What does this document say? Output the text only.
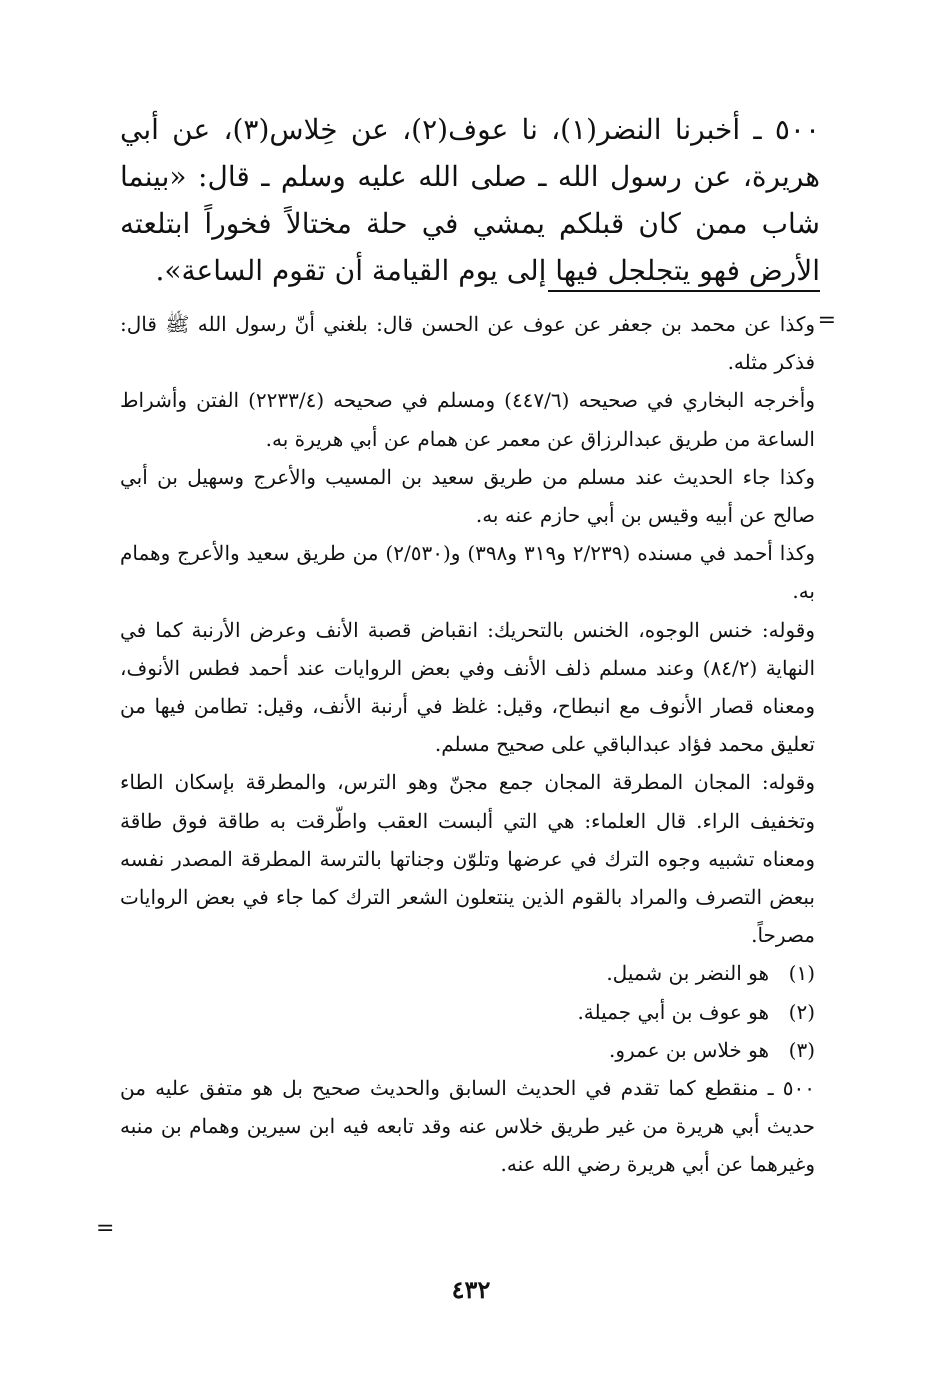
٥٠٠ ـ أخبرنا النضر(١)، نا عوف(٢)، عن خِلاس(٣)، عن أبي هريرة، عن رسول الله ـ صلى الله عليه وسلم ـ قال: «بينما شاب ممن كان قبلكم يمشي في حلة مختالاً فخوراً ابتلعته الأرض فهو يتجلجل فيها إلى يوم القيامة أن تقوم الساعة».

=

وكذا عن محمد بن جعفر عن عوف عن الحسن قال: بلغني أنّ رسول الله ﷺ قال: فذكر مثله.

وأخرجه البخاري في صحيحه (٤٤٧/٦) ومسلم في صحيحه (٢٢٣٣/٤) الفتن وأشراط الساعة من طريق عبدالرزاق عن معمر عن همام عن أبي هريرة به.

وكذا جاء الحديث عند مسلم من طريق سعيد بن المسيب والأعرج وسهيل بن أبي صالح عن أبيه وقيس بن أبي حازم عنه به.

وكذا أحمد في مسنده (٢/٢٣٩ و٣١٩ و٣٩٨) و(٢/٥٣٠) من طريق سعيد والأعرج وهمام به.

وقوله: خنس الوجوه، الخنس بالتحريك: انقباض قصبة الأنف وعرض الأرنبة كما في النهاية (٨٤/٢) وعند مسلم ذلف الأنف وفي بعض الروايات عند أحمد فطس الأنوف، ومعناه قصار الأنوف مع انبطاح، وقيل: غلظ في أرنبة الأنف، وقيل: تطامن فيها من تعليق محمد فؤاد عبدالباقي على صحيح مسلم.

وقوله: المجان المطرقة المجان جمع مجنّ وهو الترس، والمطرقة بإسكان الطاء وتخفيف الراء. قال العلماء: هي التي ألبست العقب واطّرقت به طاقة فوق طاقة ومعناه تشبيه وجوه الترك في عرضها وتلوّن وجناتها بالترسة المطرقة المصدر نفسه ببعض التصرف والمراد بالقوم الذين ينتعلون الشعر الترك كما جاء في بعض الروايات مصرحاً.

(١)
هو النضر بن شميل.
(٢)
هو عوف بن أبي جميلة.
(٣)
هو خلاس بن عمرو.

٥٠٠ ـ منقطع كما تقدم في الحديث السابق والحديث صحيح بل هو متفق عليه من حديث أبي هريرة من غير طريق خلاس عنه وقد تابعه فيه ابن سيرين وهمام بن منبه وغيرهما عن أبي هريرة رضي الله عنه.

=
٤٣٢
